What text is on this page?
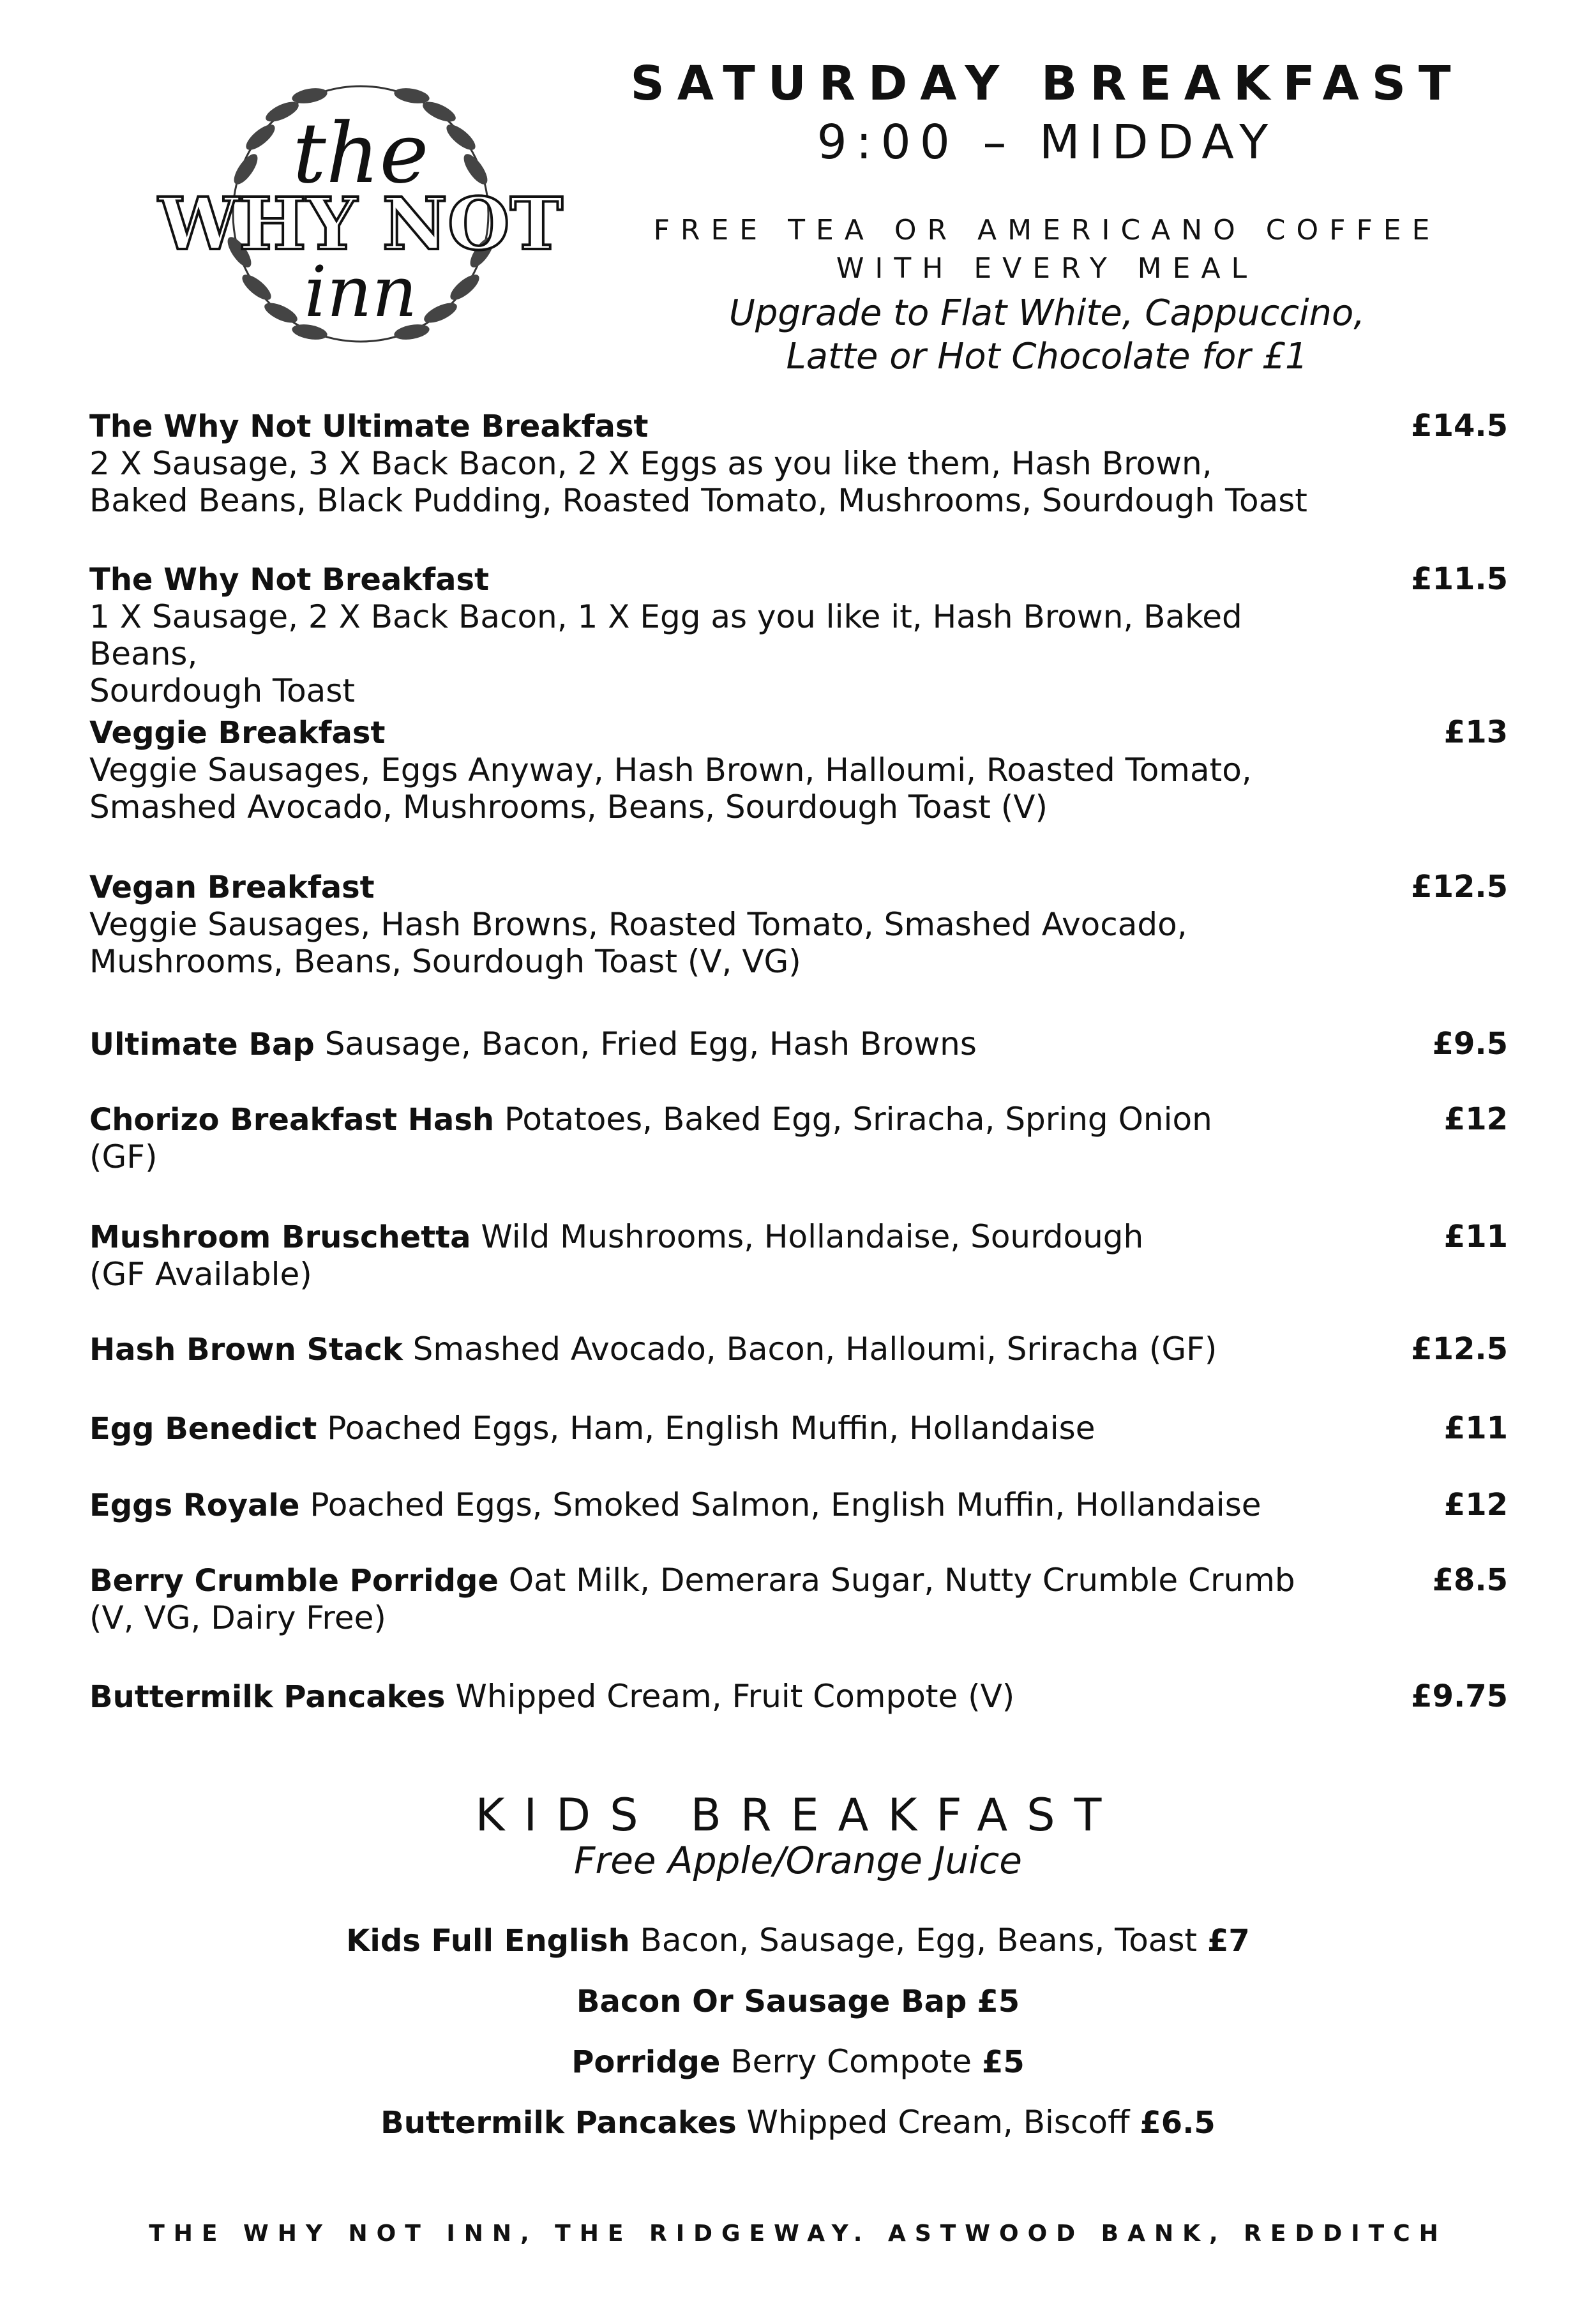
the
WHY NOT
inn
SATURDAY BREAKFAST
9:00 – MIDDAY
FREE TEA OR AMERICANO COFFEE
WITH EVERY MEAL
Upgrade to Flat White, Cappuccino,
Latte or Hot Chocolate for £1
The Why Not Ultimate Breakfast
2 X Sausage, 3 X Back Bacon, 2 X Eggs as you like them, Hash Brown,
Baked Beans, Black Pudding, Roasted Tomato, Mushrooms, Sourdough Toast
£14.5
The Why Not Breakfast
1 X Sausage, 2 X Back Bacon, 1 X Egg as you like it, Hash Brown, Baked Beans,
Sourdough Toast
£11.5
Veggie Breakfast
Veggie Sausages, Eggs Anyway, Hash Brown, Halloumi, Roasted Tomato,
Smashed Avocado, Mushrooms, Beans, Sourdough Toast (V)
£13
Vegan Breakfast
Veggie Sausages, Hash Browns, Roasted Tomato, Smashed Avocado,
Mushrooms, Beans, Sourdough Toast (V, VG)
£12.5
Ultimate Bap Sausage, Bacon, Fried Egg, Hash Browns	£9.5
Chorizo Breakfast Hash Potatoes, Baked Egg, Sriracha, Spring Onion
(GF)
£12
Mushroom Bruschetta Wild Mushrooms, Hollandaise, Sourdough
(GF Available)
£11
Hash Brown Stack Smashed Avocado, Bacon, Halloumi, Sriracha (GF)	£12.5
Egg Benedict Poached Eggs, Ham, English Muffin, Hollandaise	£11
Eggs Royale Poached Eggs, Smoked Salmon, English Muffin, Hollandaise	£12
Berry Crumble Porridge Oat Milk, Demerara Sugar, Nutty Crumble Crumb
(V, VG, Dairy Free)
£8.5
Buttermilk Pancakes Whipped Cream, Fruit Compote (V)	£9.75
KIDS BREAKFAST
Free Apple/Orange Juice
Kids Full English Bacon, Sausage, Egg, Beans, Toast £7
Bacon Or Sausage Bap £5
Porridge Berry Compote £5
Buttermilk Pancakes Whipped Cream, Biscoff £6.5
THE WHY NOT INN, THE RIDGEWAY. ASTWOOD BANK, REDDITCH
